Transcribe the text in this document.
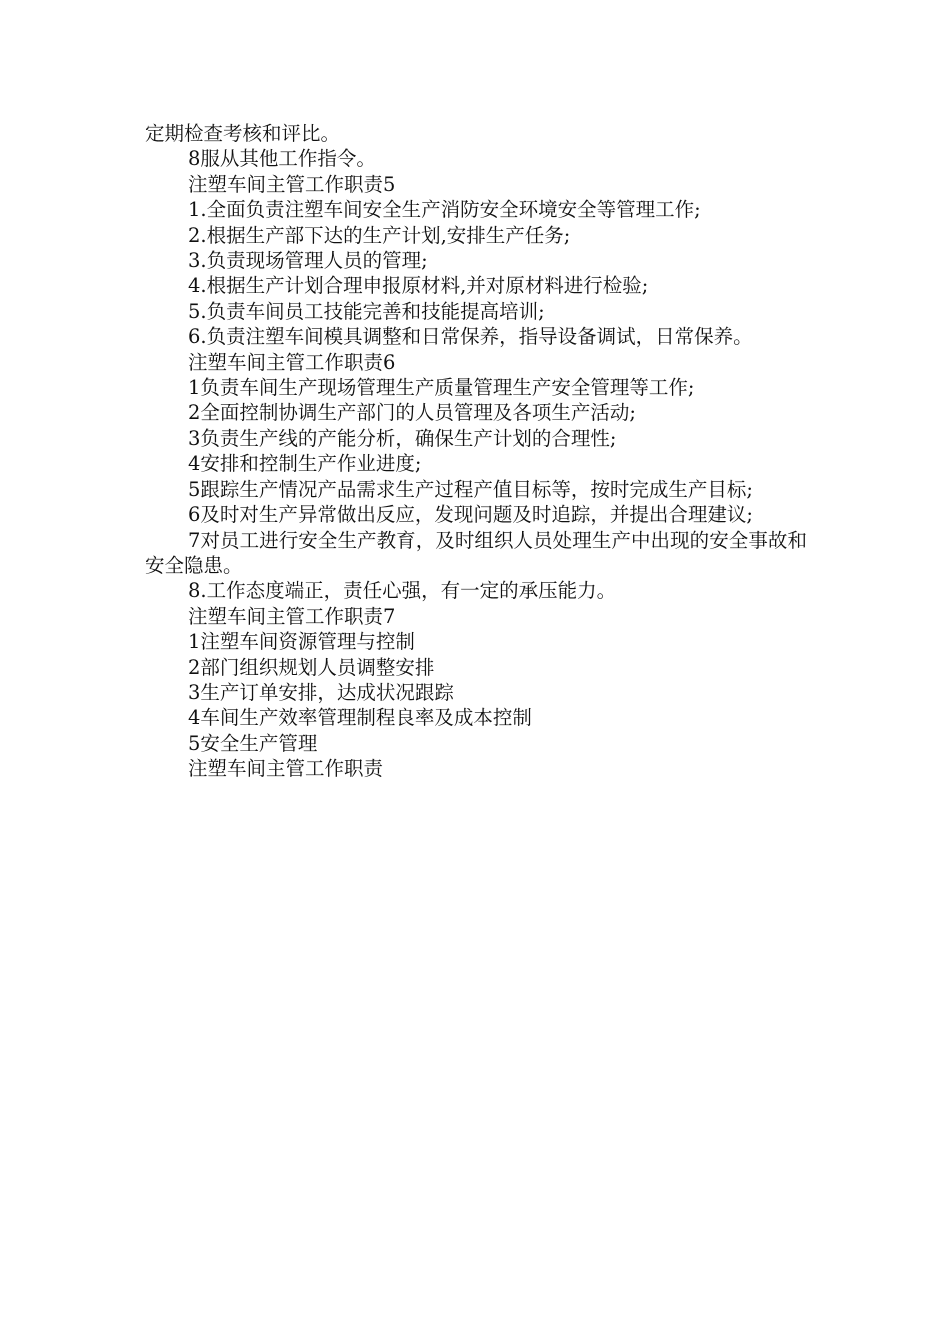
定期检查考核和评比。

8服从其他工作指令。

注塑车间主管工作职责5

1.全面负责注塑车间安全生产消防安全环境安全等管理工作;

2.根据生产部下达的生产计划,安排生产任务;

3.负责现场管理人员的管理;

4.根据生产计划合理申报原材料,并对原材料进行检验;

5.负责车间员工技能完善和技能提高培训;

6.负责注塑车间模具调整和日常保养，指导设备调试，日常保养。

注塑车间主管工作职责6

1负责车间生产现场管理生产质量管理生产安全管理等工作;

2全面控制协调生产部门的人员管理及各项生产活动;

3负责生产线的产能分析，确保生产计划的合理性;

4安排和控制生产作业进度;

5跟踪生产情况产品需求生产过程产值目标等，按时完成生产目标;

6及时对生产异常做出反应，发现问题及时追踪，并提出合理建议;

7对员工进行安全生产教育，及时组织人员处理生产中出现的安全事故和安全隐患。

8.工作态度端正，责任心强，有一定的承压能力。

注塑车间主管工作职责7

1注塑车间资源管理与控制

2部门组织规划人员调整安排

3生产订单安排，达成状况跟踪

4车间生产效率管理制程良率及成本控制

5安全生产管理

注塑车间主管工作职责
